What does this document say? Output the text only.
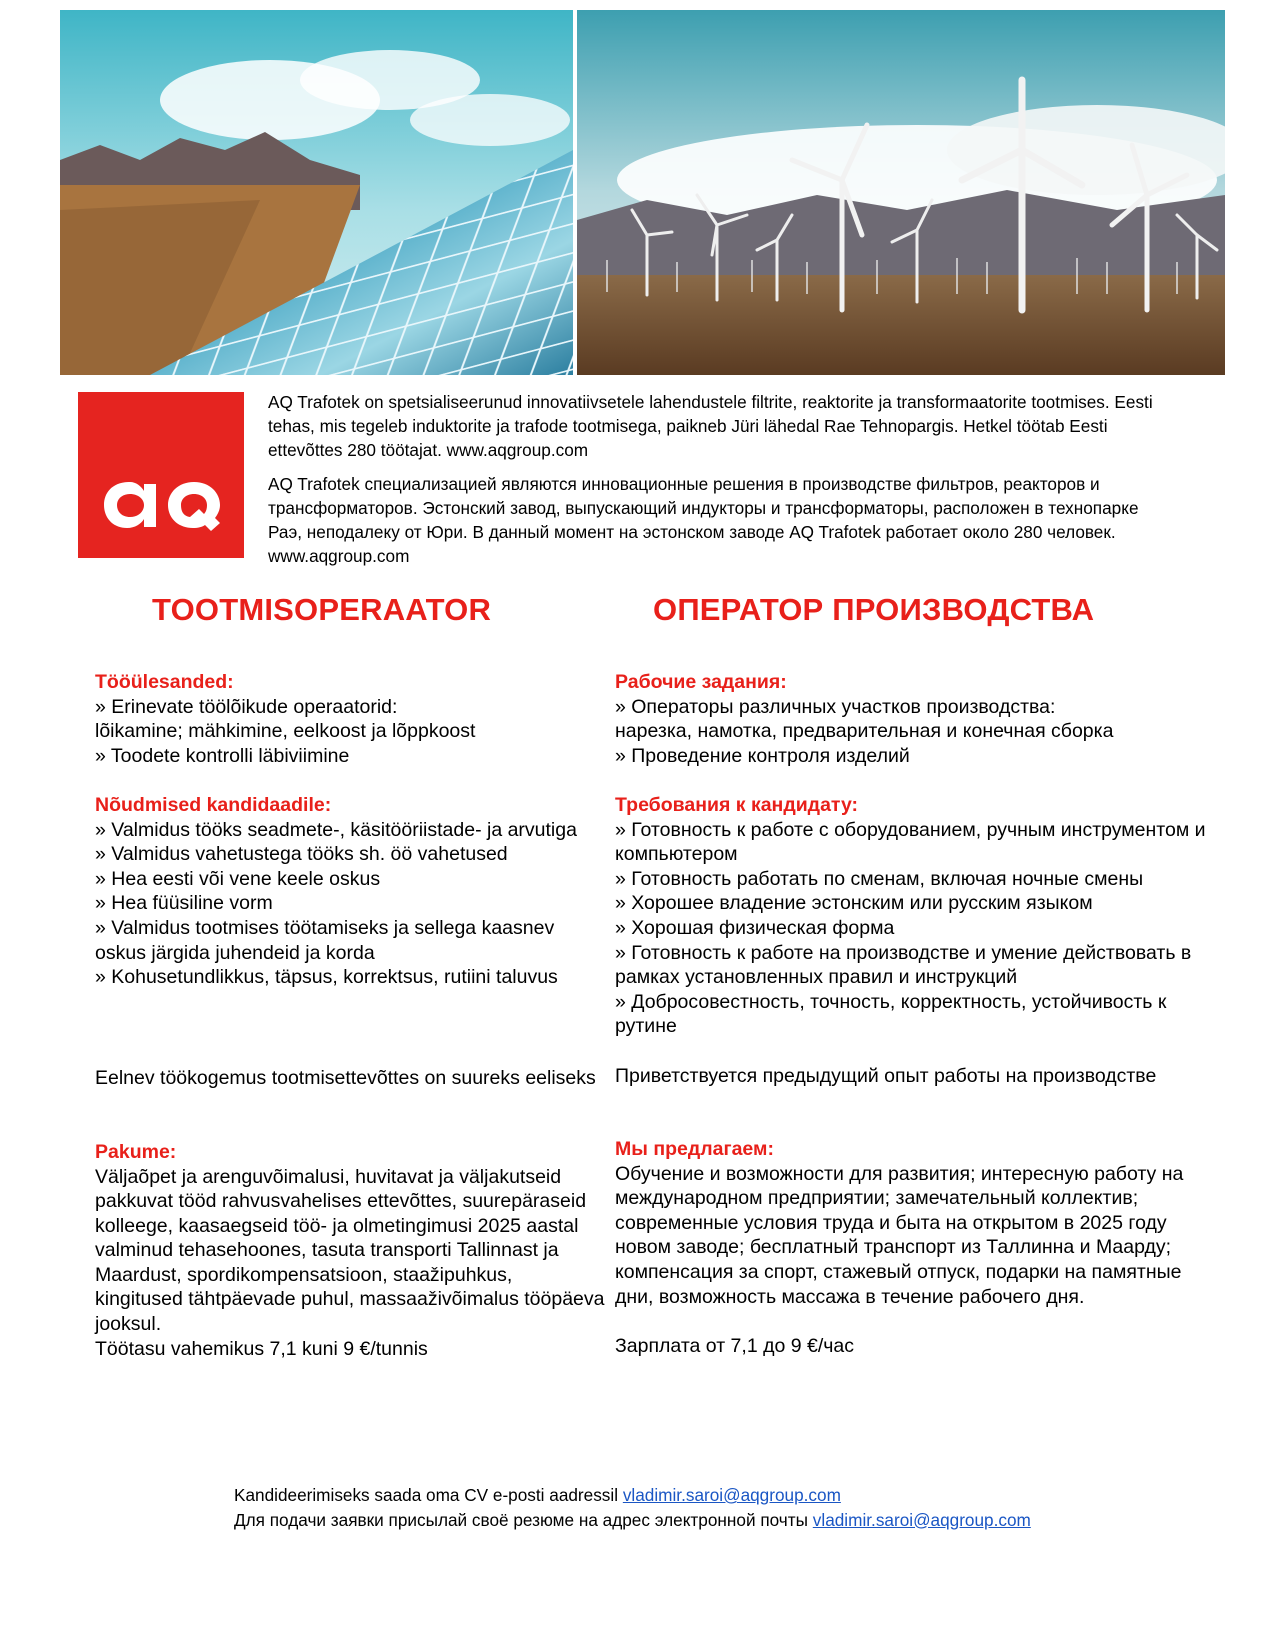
AQ Trafotek on spetsialiseerunud innovatiivsetele lahendustele filtrite, reaktorite ja transformaatorite tootmises. Eesti tehas, mis tegeleb induktorite ja trafode tootmisega, paikneb Jüri lähedal Rae Tehnopargis. Hetkel töötab Eesti ettevõttes 280 töötajat. www.aqgroup.com

AQ Trafotek специализацией являются инновационные решения в производстве фильтров, реакторов и трансформаторов. Эстонский завод, выпускающий индукторы и трансформаторы, расположен в технопарке Раэ, неподалеку от Юри. В данный момент на эстонском заводе AQ Trafotek работает около 280 человек. www.aqgroup.com

TOOTMISOPERAATOR	ОПЕРАТОР ПРОИЗВОДСТВА
Tööülesanded:
» Erinevate töölõikude operaatorid:
lõikamine; mähkimine, eelkoost ja lõppkoost
» Toodete kontrolli läbiviimine
Nõudmised kandidaadile:
» Valmidus tööks seadmete-, käsitööriistade- ja arvutiga
» Valmidus vahetustega tööks sh. öö vahetused
» Hea eesti või vene keele oskus
» Hea füüsiline vorm
» Valmidus tootmises töötamiseks ja sellega kaasnev oskus järgida juhendeid ja korda
» Kohusetundlikkus, täpsus, korrektsus, rutiini taluvus
Eelnev töökogemus tootmisettevõttes on suureks eeliseks
Pakume:
Väljaõpet ja arenguvõimalusi, huvitavat ja väljakutseid pakkuvat tööd rahvusvahelises ettevõttes, suurepäraseid kolleege, kaasaegseid töö- ja olmetingimusi 2025 aastal valminud tehasehoones, tasuta transporti Tallinnast ja Maardust, spordikompensatsioon, staažipuhkus, kingitused tähtpäevade puhul, massaaživõimalus tööpäeva jooksul.
Töötasu vahemikus 7,1 kuni 9 €/tunnis
Рабочие задания:
» Операторы различных участков производства:
нарезка, намотка, предварительная и конечная сборка
» Проведение контроля изделий
Требования к кандидату:
» Готовность к работе с оборудованием, ручным инструментом и компьютером
» Готовность работать по сменам, включая ночные смены
» Хорошее владение эстонским или русским языком
» Хорошая физическая форма
» Готовность к работе на производстве и умение действовать в рамках установленных правил и инструкций
» Добросовестность, точность, корректность, устойчивость к рутине
Приветствуется предыдущий опыт работы на производстве
Мы предлагаем:
Обучение и возможности для развития; интересную работу на международном предприятии; замечательный коллектив; современные условия труда и быта на открытом в 2025 году новом заводе; бесплатный транспорт из Таллинна и Маарду; компенсация за спорт, стажевый отпуск, подарки на памятные дни, возможность массажа в течение рабочего дня.
Зарплата от 7,1 до 9 €/час
Kandideerimiseks saada oma CV e-posti aadressil vladimir.saroi@aqgroup.com
Для подачи заявки присылай своё резюме на адрес электронной почты vladimir.saroi@aqgroup.com
